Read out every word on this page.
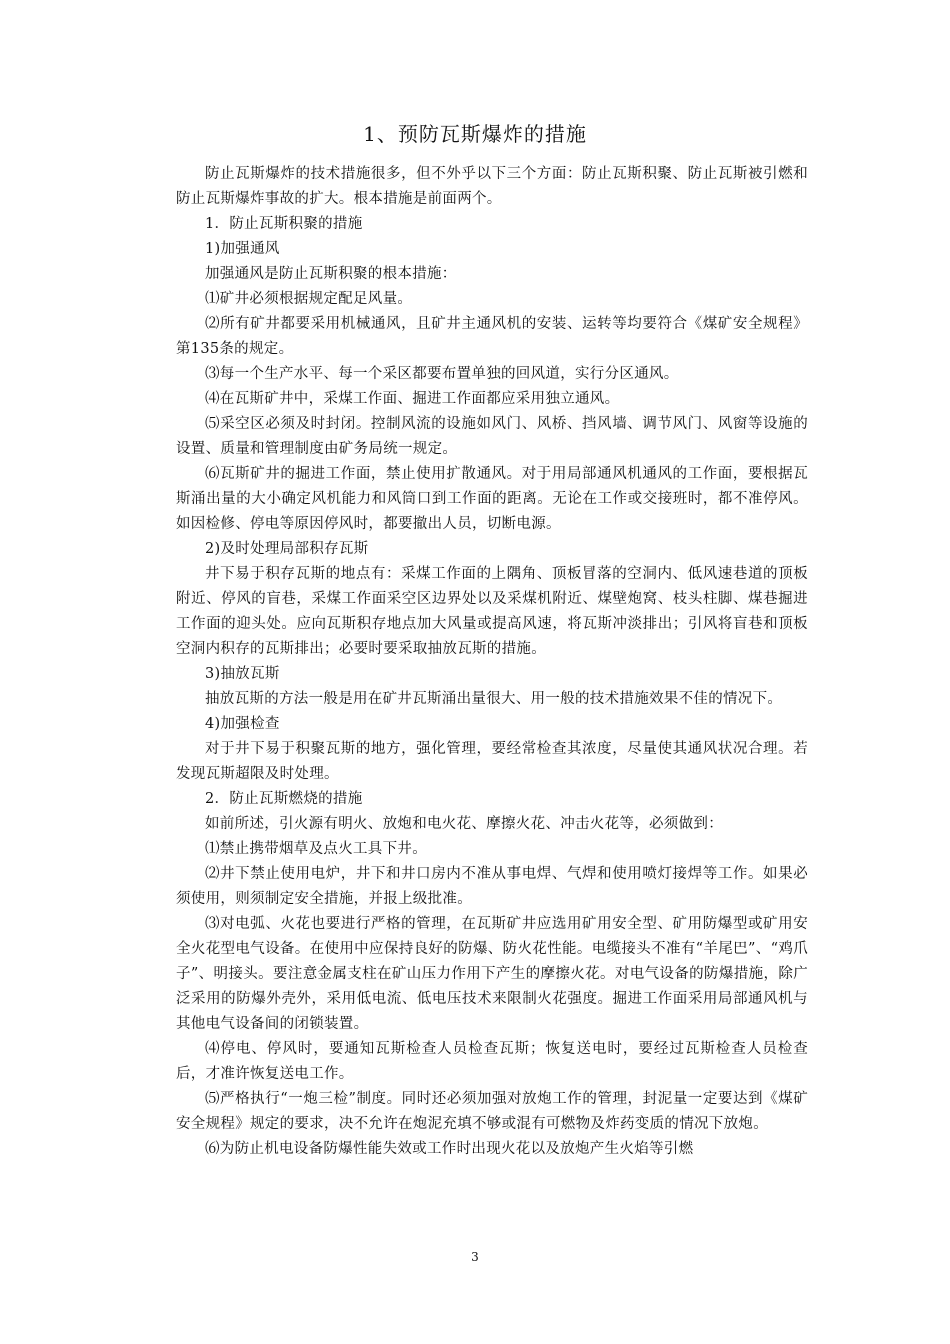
1、预防瓦斯爆炸的措施

防止瓦斯爆炸的技术措施很多，但不外乎以下三个方面：防止瓦斯积聚、防止瓦斯被引燃和防止瓦斯爆炸事故的扩大。根本措施是前面两个。

1．防止瓦斯积聚的措施

1)加强通风

加强通风是防止瓦斯积聚的根本措施：

⑴矿井必须根据规定配足风量。

⑵所有矿井都要采用机械通风，且矿井主通风机的安装、运转等均要符合《煤矿安全规程》第135条的规定。

⑶每一个生产水平、每一个采区都要布置单独的回风道，实行分区通风。

⑷在瓦斯矿井中，采煤工作面、掘进工作面都应采用独立通风。

⑸采空区必须及时封闭。控制风流的设施如风门、风桥、挡风墙、调节风门、风窗等设施的设置、质量和管理制度由矿务局统一规定。

⑹瓦斯矿井的掘进工作面，禁止使用扩散通风。对于用局部通风机通风的工作面，要根据瓦斯涌出量的大小确定风机能力和风筒口到工作面的距离。无论在工作或交接班时，都不准停风。如因检修、停电等原因停风时，都要撤出人员，切断电源。

2)及时处理局部积存瓦斯

井下易于积存瓦斯的地点有：采煤工作面的上隅角、顶板冒落的空洞内、低风速巷道的顶板附近、停风的盲巷，采煤工作面采空区边界处以及采煤机附近、煤壁炮窝、枝头柱脚、煤巷掘进工作面的迎头处。应向瓦斯积存地点加大风量或提高风速，将瓦斯冲淡排出；引风将盲巷和顶板空洞内积存的瓦斯排出；必要时要采取抽放瓦斯的措施。

3)抽放瓦斯

抽放瓦斯的方法一般是用在矿井瓦斯涌出量很大、用一般的技术措施效果不佳的情况下。

4)加强检查

对于井下易于积聚瓦斯的地方，强化管理，要经常检查其浓度，尽量使其通风状况合理。若发现瓦斯超限及时处理。

2．防止瓦斯燃烧的措施

如前所述，引火源有明火、放炮和电火花、摩擦火花、冲击火花等，必须做到：

⑴禁止携带烟草及点火工具下井。

⑵井下禁止使用电炉，井下和井口房内不准从事电焊、气焊和使用喷灯接焊等工作。如果必须使用，则须制定安全措施，并报上级批准。

⑶对电弧、火花也要进行严格的管理，在瓦斯矿井应选用矿用安全型、矿用防爆型或矿用安全火花型电气设备。在使用中应保持良好的防爆、防火花性能。电缆接头不准有“羊尾巴”、“鸡爪子”、明接头。要注意金属支柱在矿山压力作用下产生的摩擦火花。对电气设备的防爆措施，除广泛采用的防爆外壳外，采用低电流、低电压技术来限制火花强度。掘进工作面采用局部通风机与其他电气设备间的闭锁装置。

⑷停电、停风时，要通知瓦斯检查人员检查瓦斯；恢复送电时，要经过瓦斯检查人员检查后，才准许恢复送电工作。

⑸严格执行“一炮三检”制度。同时还必须加强对放炮工作的管理，封泥量一定要达到《煤矿安全规程》规定的要求，决不允许在炮泥充填不够或混有可燃物及炸药变质的情况下放炮。

⑹为防止机电设备防爆性能失效或工作时出现火花以及放炮产生火焰等引燃

3
